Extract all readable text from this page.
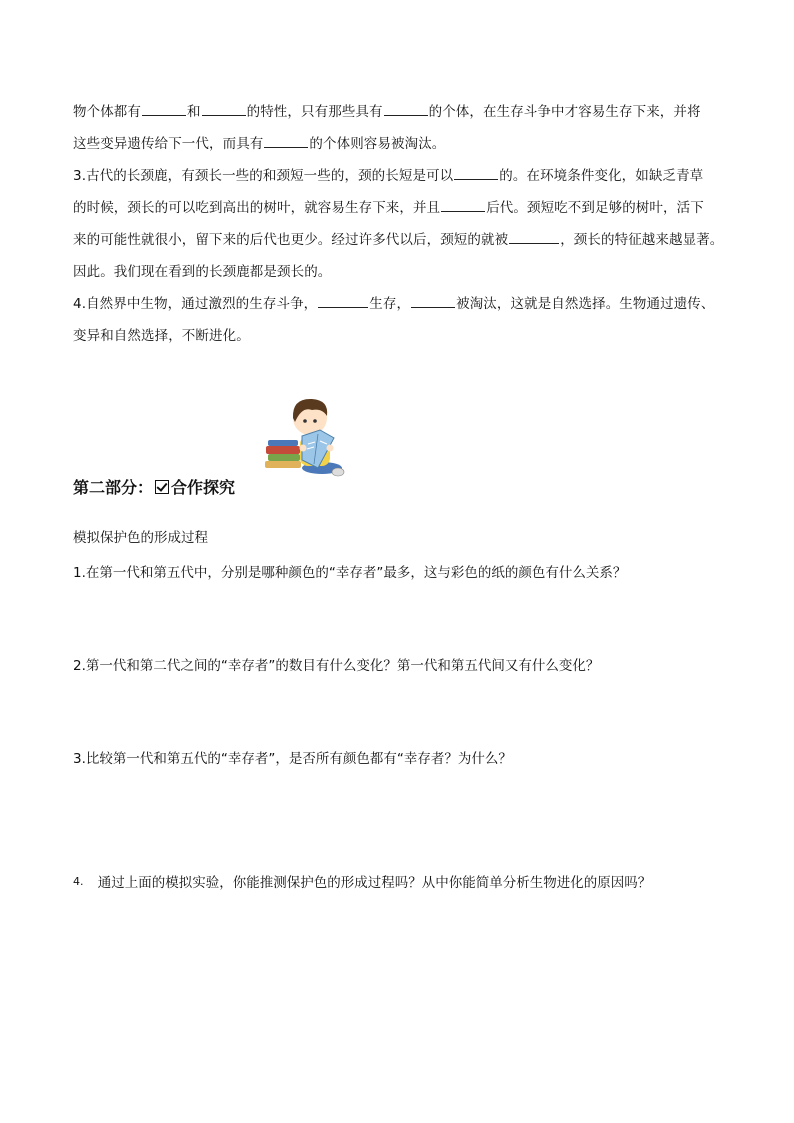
物个体都有	和	的特性，只有那些具有	的个体，在生存斗争中才容易生存下来，并将
这些变异遗传给下一代，而具有	的个体则容易被淘汰。
3.古代的长颈鹿，有颈长一些的和颈短一些的，颈的长短是可以	的。在环境条件变化，如缺乏青草
的时候，颈长的可以吃到高出的树叶，就容易生存下来，并且	后代。颈短吃不到足够的树叶，活下
来的可能性就很小，留下来的后代也更少。经过许多代以后，颈短的就被	，颈长的特征越来越显著。
因此。我们现在看到的长颈鹿都是颈长的。
4.自然界中生物，通过激烈的生存斗争，	生存，	被淘汰，这就是自然选择。生物通过遗传、
变异和自然选择，不断进化。
第二部分： 合作探究
模拟保护色的形成过程
1.在第一代和第五代中，分别是哪种颜色的“幸存者”最多，这与彩色的纸的颜色有什么关系？
2.第一代和第二代之间的“幸存者”的数目有什么变化？第一代和第五代间又有什么变化？
3.比较第一代和第五代的“幸存者”，是否所有颜色都有“幸存者？为什么？
4. 通过上面的模拟实验，你能推测保护色的形成过程吗？从中你能简单分析生物进化的原因吗？
